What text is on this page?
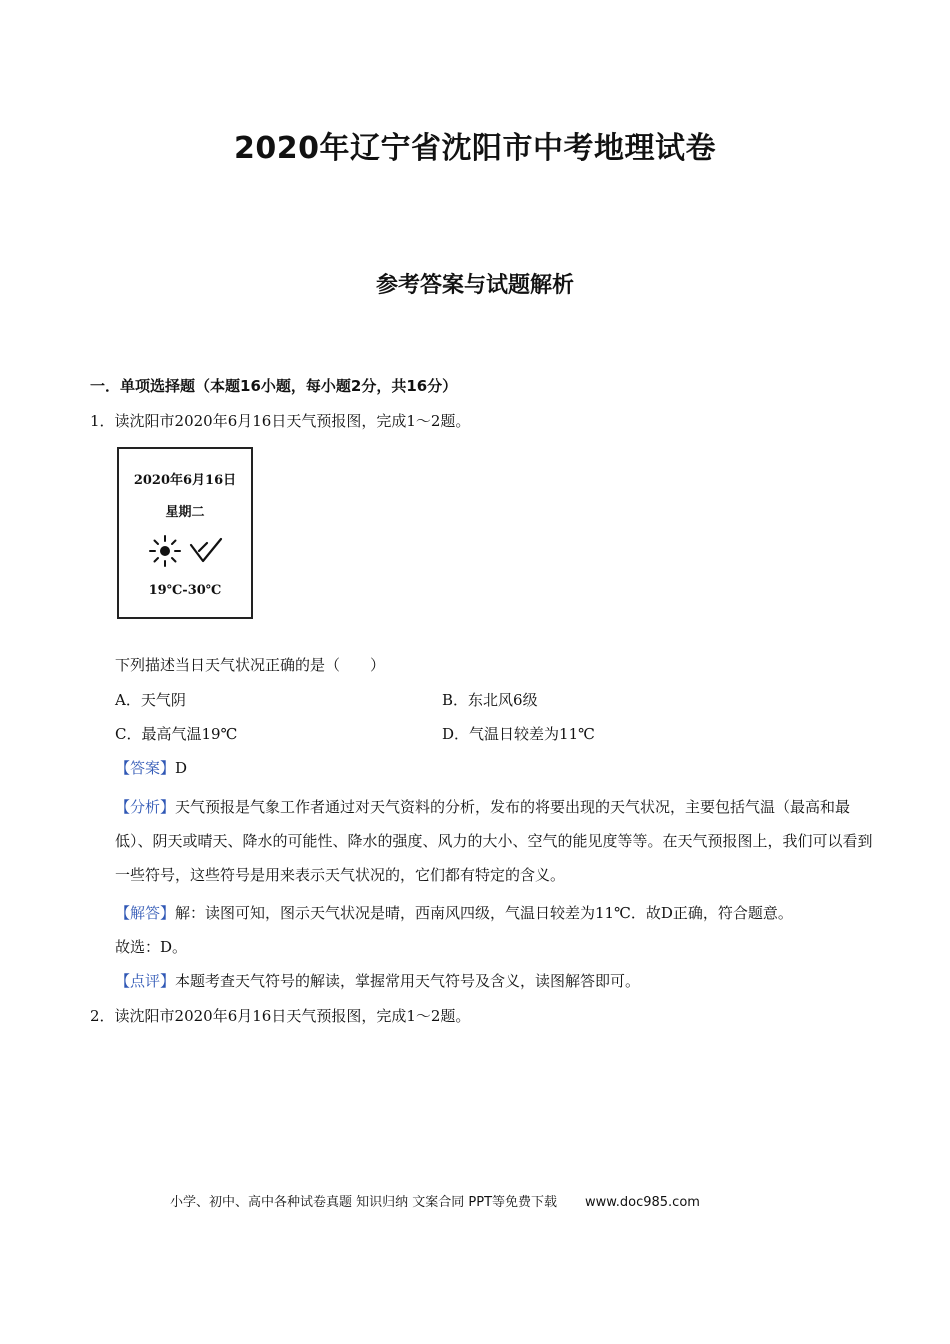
2020年辽宁省沈阳市中考地理试卷
参考答案与试题解析
一．单项选择题（本题16小题，每小题2分，共16分）
1．读沈阳市2020年6月16日天气预报图，完成1～2题。
2020年6月16日
星期二
19℃-30℃
下列描述当日天气状况正确的是（　　）
A．天气阴	B．东北风6级
C．最高气温19℃	D．气温日较差为11℃
【答案】D
【分析】天气预报是气象工作者通过对天气资料的分析，发布的将要出现的天气状况，主要包括气温（最高和最低）、阴天或晴天、降水的可能性、降水的强度、风力的大小、空气的能见度等等。在天气预报图上，我们可以看到一些符号，这些符号是用来表示天气状况的，它们都有特定的含义。
【解答】解：读图可知，图示天气状况是晴，西南风四级，气温日较差为11℃．故D正确，符合题意。
故选：D。
【点评】本题考查天气符号的解读，掌握常用天气符号及含义，读图解答即可。
2．读沈阳市2020年6月16日天气预报图，完成1～2题。
小学、初中、高中各种试卷真题 知识归纳 文案合同 PPT等免费下载 www.doc985.com
